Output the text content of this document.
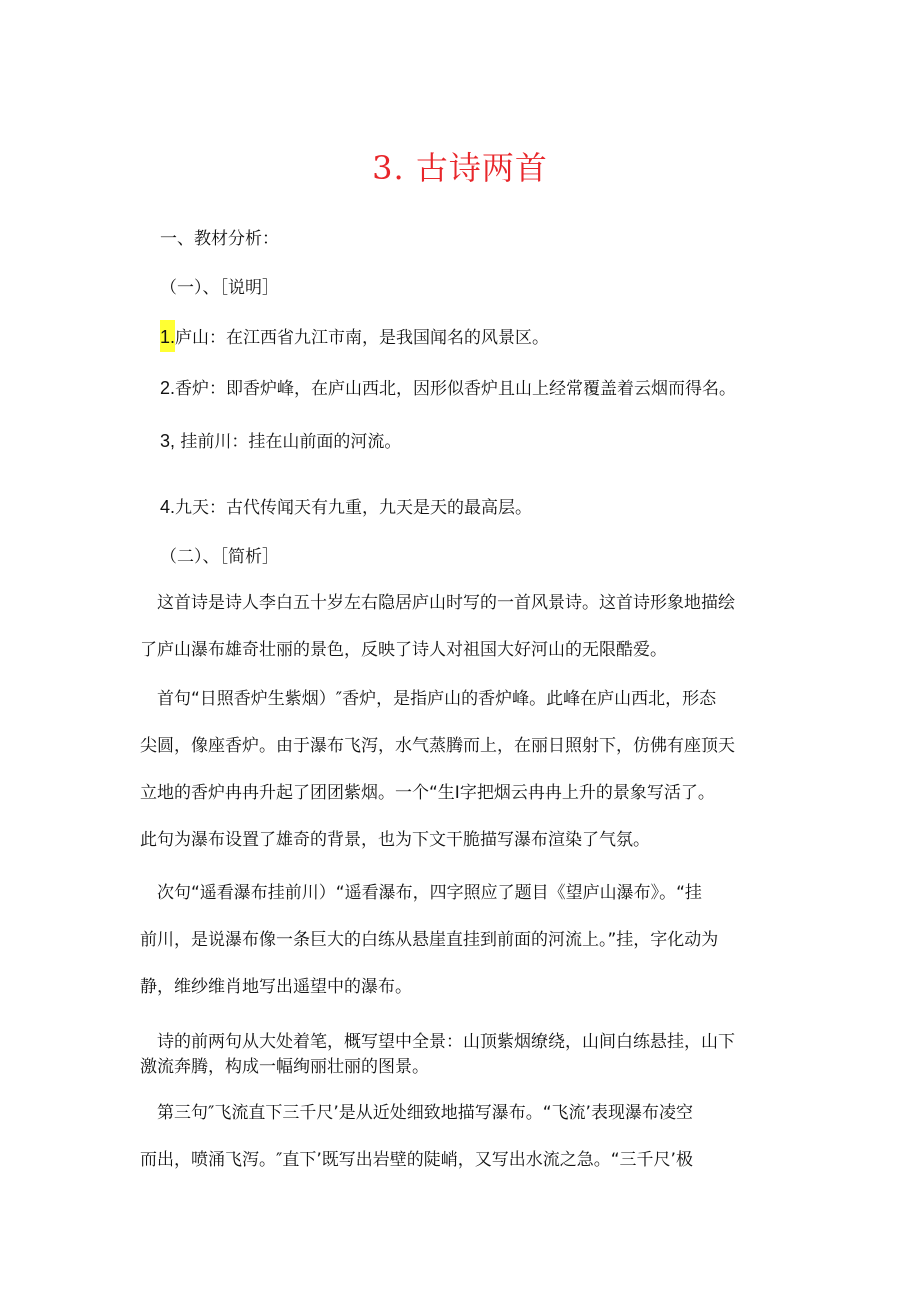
3. 古诗两首
一、教材分析：
（一）、［说明］
1.庐山：在江西省九江市南，是我国闻名的风景区。
2.香炉：即香炉峰，在庐山西北，因形似香炉且山上经常覆盖着云烟而得名。
3, 挂前川：挂在山前面的河流。
4.九天：古代传闻天有九重，九天是天的最高层。
（二）、［简析］
　这首诗是诗人李白五十岁左右隐居庐山时写的一首风景诗。这首诗形象地描绘
了庐山瀑布雄奇壮丽的景色，反映了诗人对祖国大好河山的无限酷爱。
　首句“日照香炉生紫烟）″香炉，是指庐山的香炉峰。此峰在庐山西北，形态
尖圆，像座香炉。由于瀑布飞泻，水气蒸腾而上，在丽日照射下，仿佛有座顶天
立地的香炉冉冉升起了团团紫烟。一个“生I字把烟云冉冉上升的景象写活了。
此句为瀑布设置了雄奇的背景，也为下文干脆描写瀑布渲染了气氛。
　次句“遥看瀑布挂前川）“遥看瀑布，四字照应了题目《望庐山瀑布》。“挂
前川，是说瀑布像一条巨大的白练从悬崖直挂到前面的河流上。”挂，字化动为
静，维纱维肖地写出遥望中的瀑布。
　诗的前两句从大处着笔，概写望中全景：山顶紫烟缭绕，山间白练悬挂，山下
激流奔腾，构成一幅绚丽壮丽的图景。
　第三句″飞流直下三千尺’是从近处细致地描写瀑布。“飞流’表现瀑布凌空
而出，喷涌飞泻。″直下’既写出岩壁的陡峭，又写出水流之急。“三千尺’极
